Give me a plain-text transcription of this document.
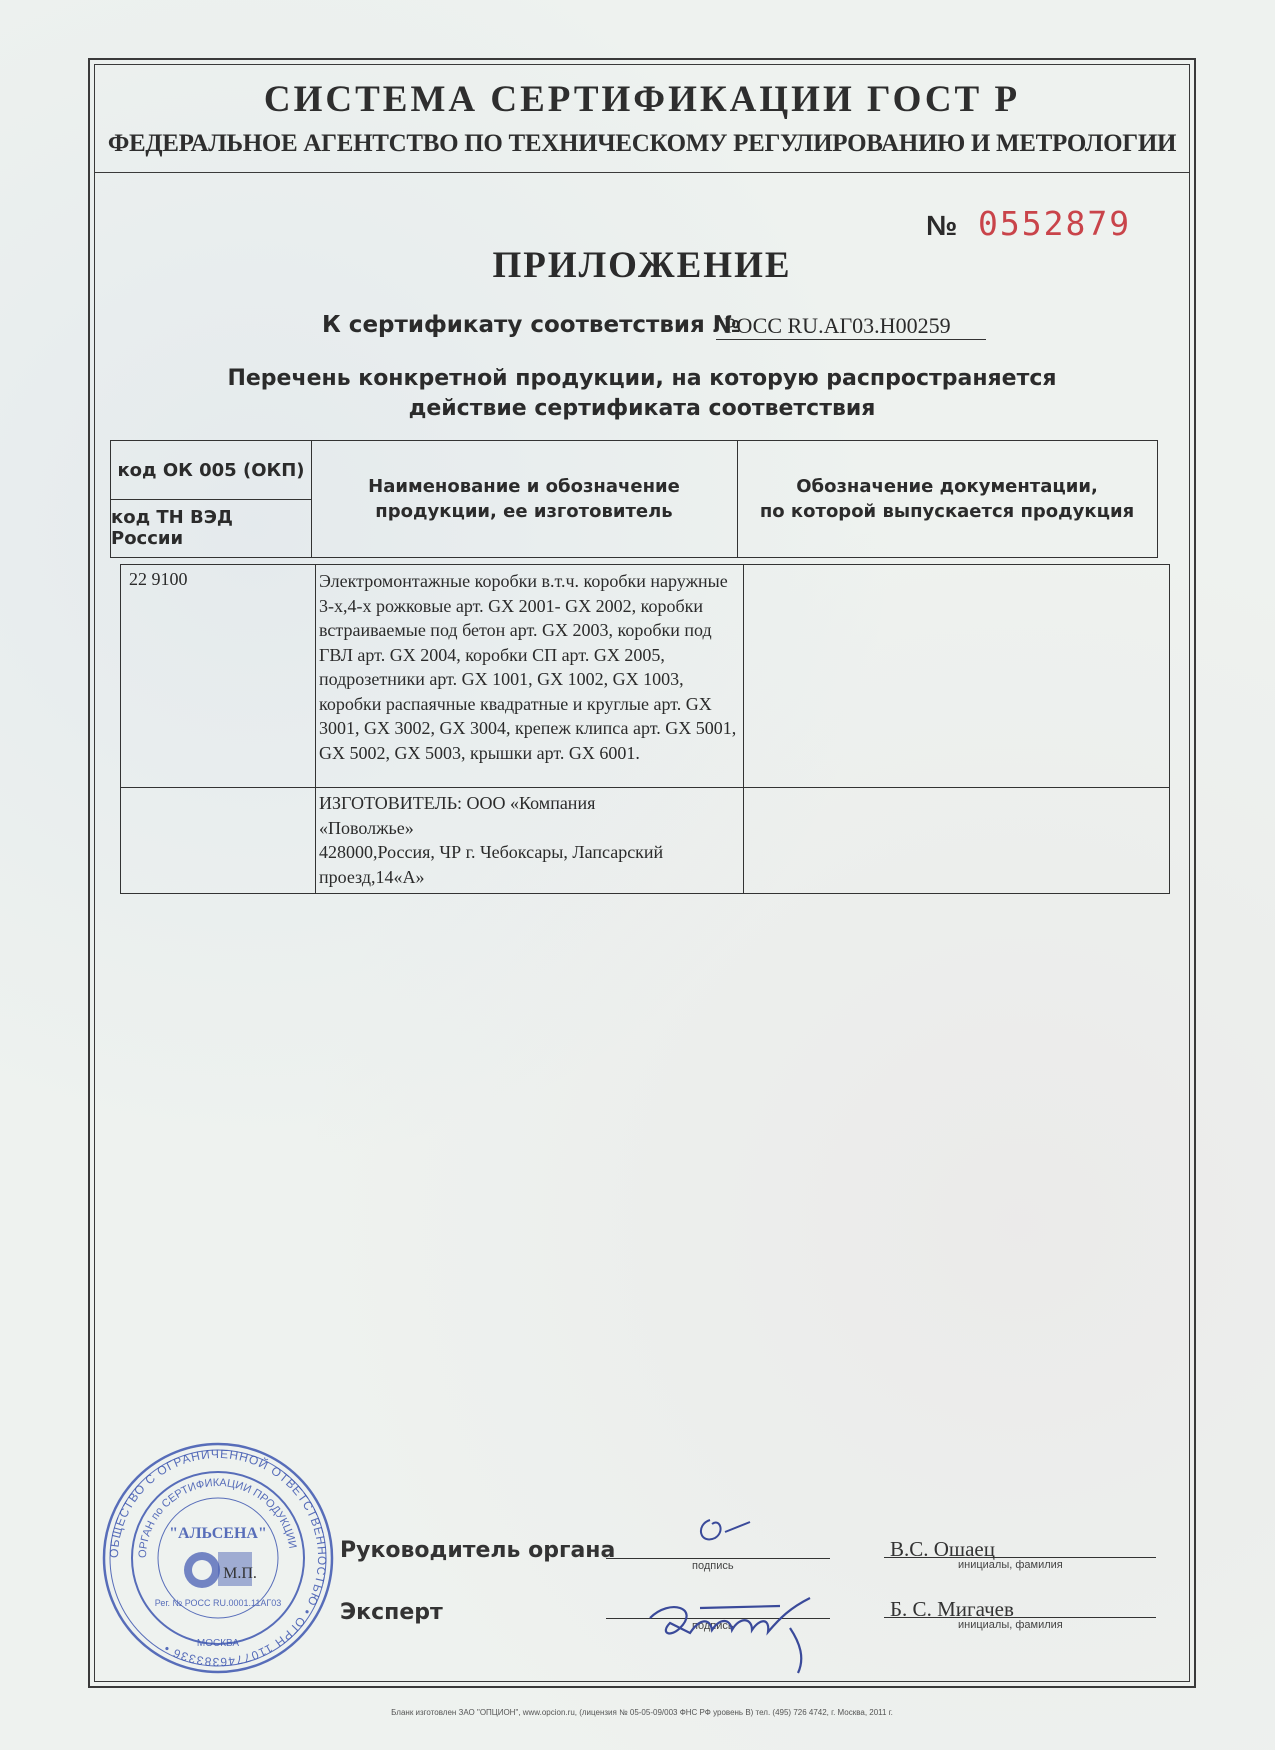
СИСТЕМА СЕРТИФИКАЦИИ ГОСТ Р
ФЕДЕРАЛЬНОЕ АГЕНТСТВО ПО ТЕХНИЧЕСКОМУ РЕГУЛИРОВАНИЮ И МЕТРОЛОГИИ
№ 0552879
ПРИЛОЖЕНИЕ
К сертификату соответствия №
РОСС RU.АГ03.Н00259
Перечень конкретной продукции, на которую распространяется
действие сертификата соответствия
код ОК 005 (ОКП)
код ТН ВЭД России
Наименование и обозначение
продукции, ее изготовитель
Обозначение документации,
по которой выпускается продукция
22 9100	Электромонтажные коробки в.т.ч. коробки наружные 3-х,4-х рожковые арт. GX 2001- GX 2002, коробки встраиваемые под бетон арт. GX 2003, коробки под ГВЛ арт. GX 2004, коробки СП арт. GX 2005, подрозетники арт. GX 1001, GX 1002, GX 1003, коробки распаячные квадратные и круглые арт. GX 3001, GX 3002, GX 3004, крепеж клипса арт. GX 5001, GX 5002, GX 5003, крышки арт. GX 6001.
ИЗГОТОВИТЕЛЬ: ООО «Компания
«Поволжье»
428000,Россия, ЧР г. Чебоксары, Лапсарский
проезд,14«А»
ОБЩЕСТВО С ОГРАНИЧЕННОЙ ОТВЕТСТВЕННОСТЬЮ • ОГРН 1107746383336 •
ОРГАН по СЕРТИФИКАЦИИ ПРОДУКЦИИ
"АЛЬСЕНА"
М.П.
Рег. № РОСС RU.0001.11АГ03
МОСКВА
Руководитель органа
подпись
В.С. Ошаец
инициалы, фамилия
Эксперт
подпись
Б. С. Мигачев
инициалы, фамилия
Бланк изготовлен ЗАО "ОПЦИОН", www.opcion.ru, (лицензия № 05-05-09/003 ФНС РФ уровень В) тел. (495) 726 4742, г. Москва, 2011 г.
